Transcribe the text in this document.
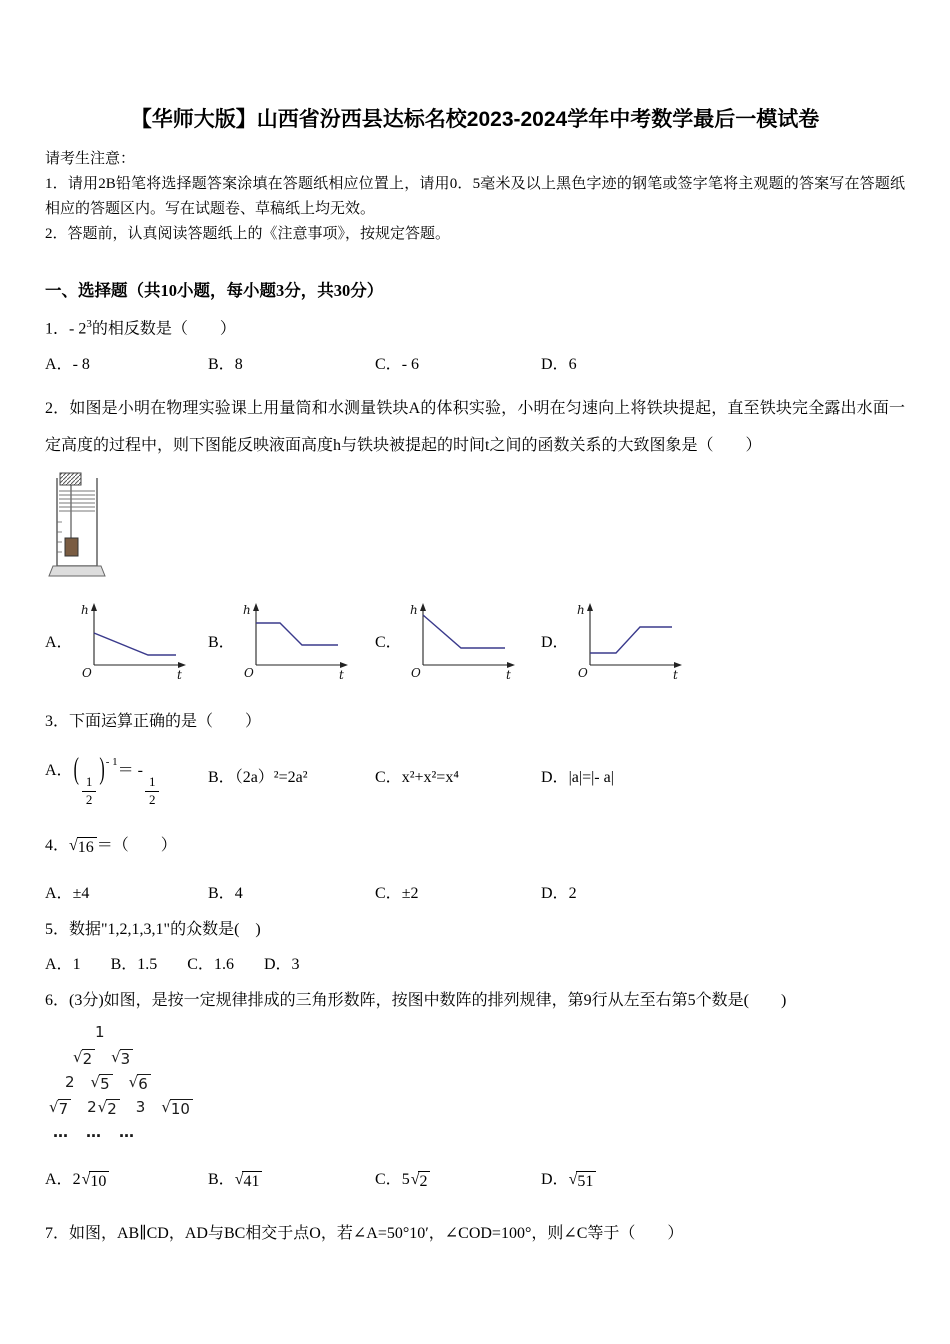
【华师大版】山西省汾西县达标名校2023-2024学年中考数学最后一模试卷

请考生注意：

1．请用2B铅笔将选择题答案涂填在答题纸相应位置上，请用0．5毫米及以上黑色字迹的钢笔或签字笔将主观题的答案写在答题纸相应的答题区内。写在试题卷、草稿纸上均无效。

2．答题前，认真阅读答题纸上的《注意事项》，按规定答题。

一、选择题（共10小题，每小题3分，共30分）
1．- $2^3$的相反数是（　　）
A．- 8	B．8	C．- 6	D．6
2．如图是小明在物理实验课上用量筒和水测量铁块A的体积实验，小明在匀速向上将铁块提起，直至铁块完全露出水面一定高度的过程中，则下图能反映液面高度h与铁块被提起的时间t之间的函数关系的大致图象是（　　）
A．
h
t
O
B．
h
t
O
C．
h
t
O
D．
h
t
O
3．下面运算正确的是（　　）
A．(
$\frac{1}{2}$
)$^{- 1}$＝ -
$\frac{1}{2}$	B．（2a）²=2a²	C．x²+x²=x⁴	D．|a|=|- a|
4． √ 16 ＝（　　）
A．±4	B．4	C．±2	D．2
5．数据"1,2,1,3,1"的众数是(　)
A．1 B．1.5 C．1.6 D．3
6．(3分)如图，是按一定规律排成的三角形数阵，按图中数阵的排列规律，第9行从左至右第5个数是(　　)
1
√ 2 √ 3
2 √ 5 √ 6
√ 7 2 √ 2 3 √ 10
… … …
A． 2 √ 10	B． √ 41	C． 5 √ 2	D． √ 51
7．如图，AB∥CD，AD与BC相交于点O，若∠A=50°10′，∠COD=100°，则∠C等于（　　）
